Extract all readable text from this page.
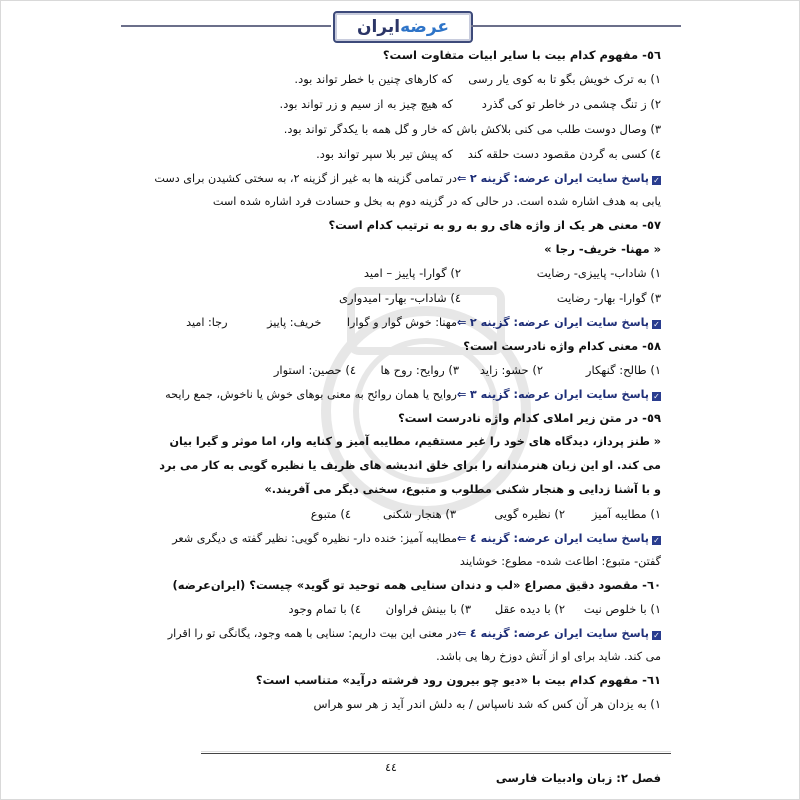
ایران عرضه
٥٦- مفهوم کدام بیت با سایر ابیات متفاوت است؟
١) به ترک خویش بگو تا به کوی یار رسی
که کارهای چنین با خطر تواند بود.
٢) ز تنگ چشمی در خاطر تو کی گذرد
که هیچ چیز به از سیم و زر تواند بود.
٣) وصال دوست طلب می کنی بلاکش باش
که خار و گل همه با یکدگر تواند بود.
٤) کسی به گردن مقصود دست حلقه کند
که پیش تیر بلا سپر تواند بود.
✓پاسخ سایت ایران عرضه: گزینه ٢ ⇐در تمامی گزینه ها به غیر از گزینه ٢، به سختی کشیدن برای دست یابی به هدف اشاره شده است. در حالی که در گزینه دوم به بخل و حسادت فرد اشاره شده است
٥٧- معنی هر یک از واژه های رو به رو به ترتیب کدام است؟
« مهنا- خریف- رجا »
١) شاداب- پاییزی- رضایت
٢) گوارا- پاییز – امید
٣) گوارا- بهار- رضایت
٤) شاداب- بهار- امیدواری
✓پاسخ سایت ایران عرضه: گزینه ٢ ⇐مهنا: خوش گوار و گوارا خریف: پاییز رجا: امید
٥٨- معنی کدام واژه نادرست است؟
١) طالح: گنهکار
٢) حشو: زاید
٣) روایح: روح ها
٤) حصین: استوار
✓پاسخ سایت ایران عرضه: گزینه ٣ ⇐روایح یا همان روائح به معنی بوهای خوش یا ناخوش، جمع رایحه
٥٩- در متن زیر املای کدام واژه نادرست است؟
« طنز پرداز، دیدگاه های خود را غیر مستقیم، مطایبه آمیز و کنایه وار، اما موثر و گیرا بیان می کند. او این زبان هنرمندانه را برای خلق اندیشه های ظریف یا نظیره گویی به کار می برد و با آشنا زدایی و هنجار شکنی مطلوب و متبوع، سخنی دیگر می آفریند.»
١) مطایبه آمیز
٢) نظیره گویی
٣) هنجار شکنی
٤) متبوع
✓پاسخ سایت ایران عرضه: گزینه ٤ ⇐مطایبه آمیز: خنده دار- نظیره گویی: نظیر گفته ی دیگری شعر گفتن- متبوع: اطاعت شده- مطوع: خوشایند
٦٠- مقصود دقیق مصراع «لب و دندان سنایی همه توحید تو گوید» چیست؟ (ایران‌عرضه)
١) با خلوص نیت
٢) با دیده عقل
٣) با بینش فراوان
٤) با تمام وجود
✓پاسخ سایت ایران عرضه: گزینه ٤ ⇐در معنی این بیت داریم: سنایی با همه وجود، یگانگی تو را اقرار می کند. شاید برای او از آتش دوزخ رها یی باشد.
٦١- مفهوم کدام بیت با «دیو چو بیرون رود فرشته درآید» متناسب است؟
١) به یزدان هر آن کس که شد ناسپاس / به دلش اندر آید ز هر سو هراس
٤٤
فصل ٢: زبان وادبیات فارسی
